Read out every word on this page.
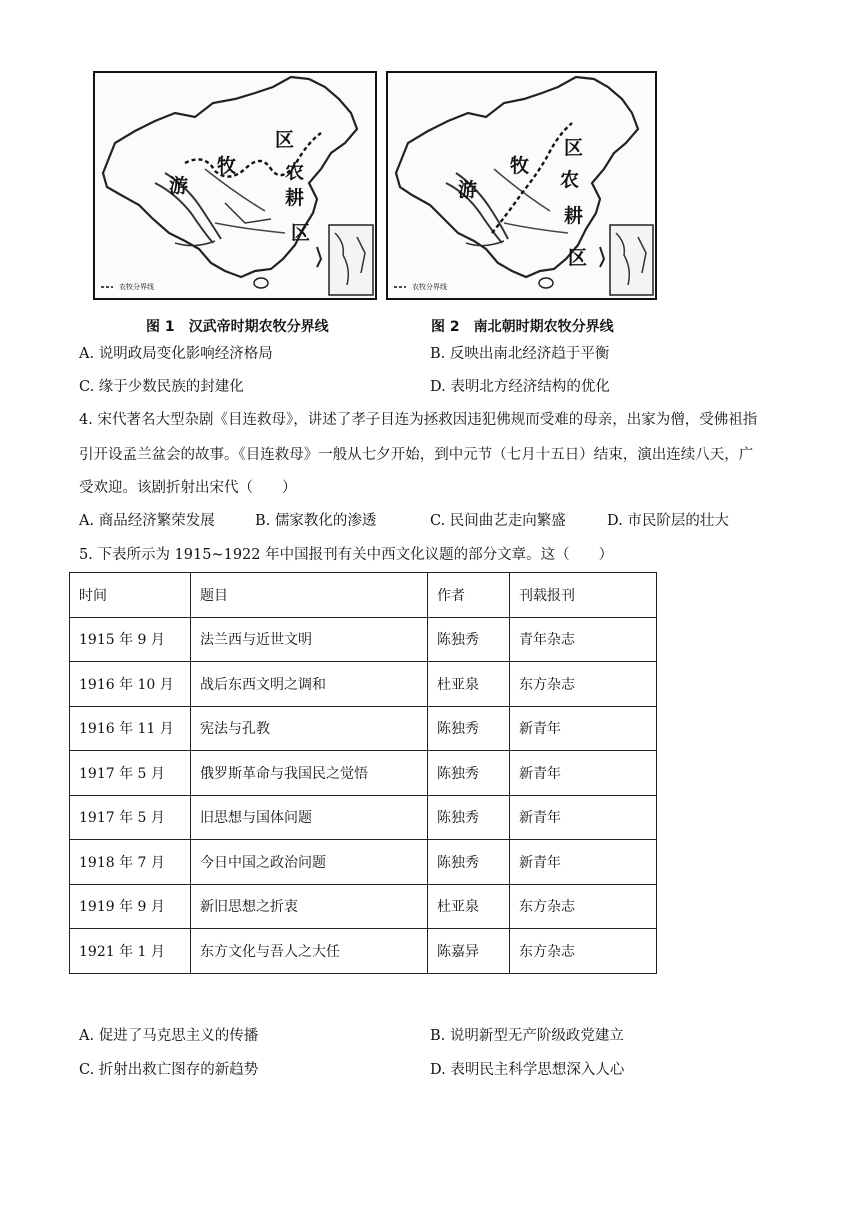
农牧分界线
游
牧
区
农
耕
区
农牧分界线
游
牧
区
农
耕
区
图 1　汉武帝时期农牧分界线	图 2　南北朝时期农牧分界线
A. 说明政局变化影响经济格局	B. 反映出南北经济趋于平衡
C. 缘于少数民族的封建化	D. 表明北方经济结构的优化
4. 宋代著名大型杂剧《目连救母》，讲述了孝子目连为拯救因违犯佛规而受难的母亲，出家为僧，受佛祖指
引开设孟兰盆会的故事。《目连救母》一般从七夕开始，到中元节（七月十五日）结束，演出连续八天，广
受欢迎。该剧折射出宋代（　　）
A. 商品经济繁荣发展	B. 儒家教化的渗透	C. 民间曲艺走向繁盛	D. 市民阶层的壮大
5. 下表所示为 1915~1922 年中国报刊有关中西文化议题的部分文章。这（　　）
时间	题目	作者	刊载报刊
1915 年 9 月	法兰西与近世文明	陈独秀	青年杂志
1916 年 10 月	战后东西文明之调和	杜亚泉	东方杂志
1916 年 11 月	宪法与孔教	陈独秀	新青年
1917 年 5 月	俄罗斯革命与我国民之觉悟	陈独秀	新青年
1917 年 5 月	旧思想与国体问题	陈独秀	新青年
1918 年 7 月	今日中国之政治问题	陈独秀	新青年
1919 年 9 月	新旧思想之折衷	杜亚泉	东方杂志
1921 年 1 月	东方文化与吾人之大任	陈嘉异	东方杂志
A. 促进了马克思主义的传播	B. 说明新型无产阶级政党建立
C. 折射出救亡图存的新趋势	D. 表明民主科学思想深入人心
